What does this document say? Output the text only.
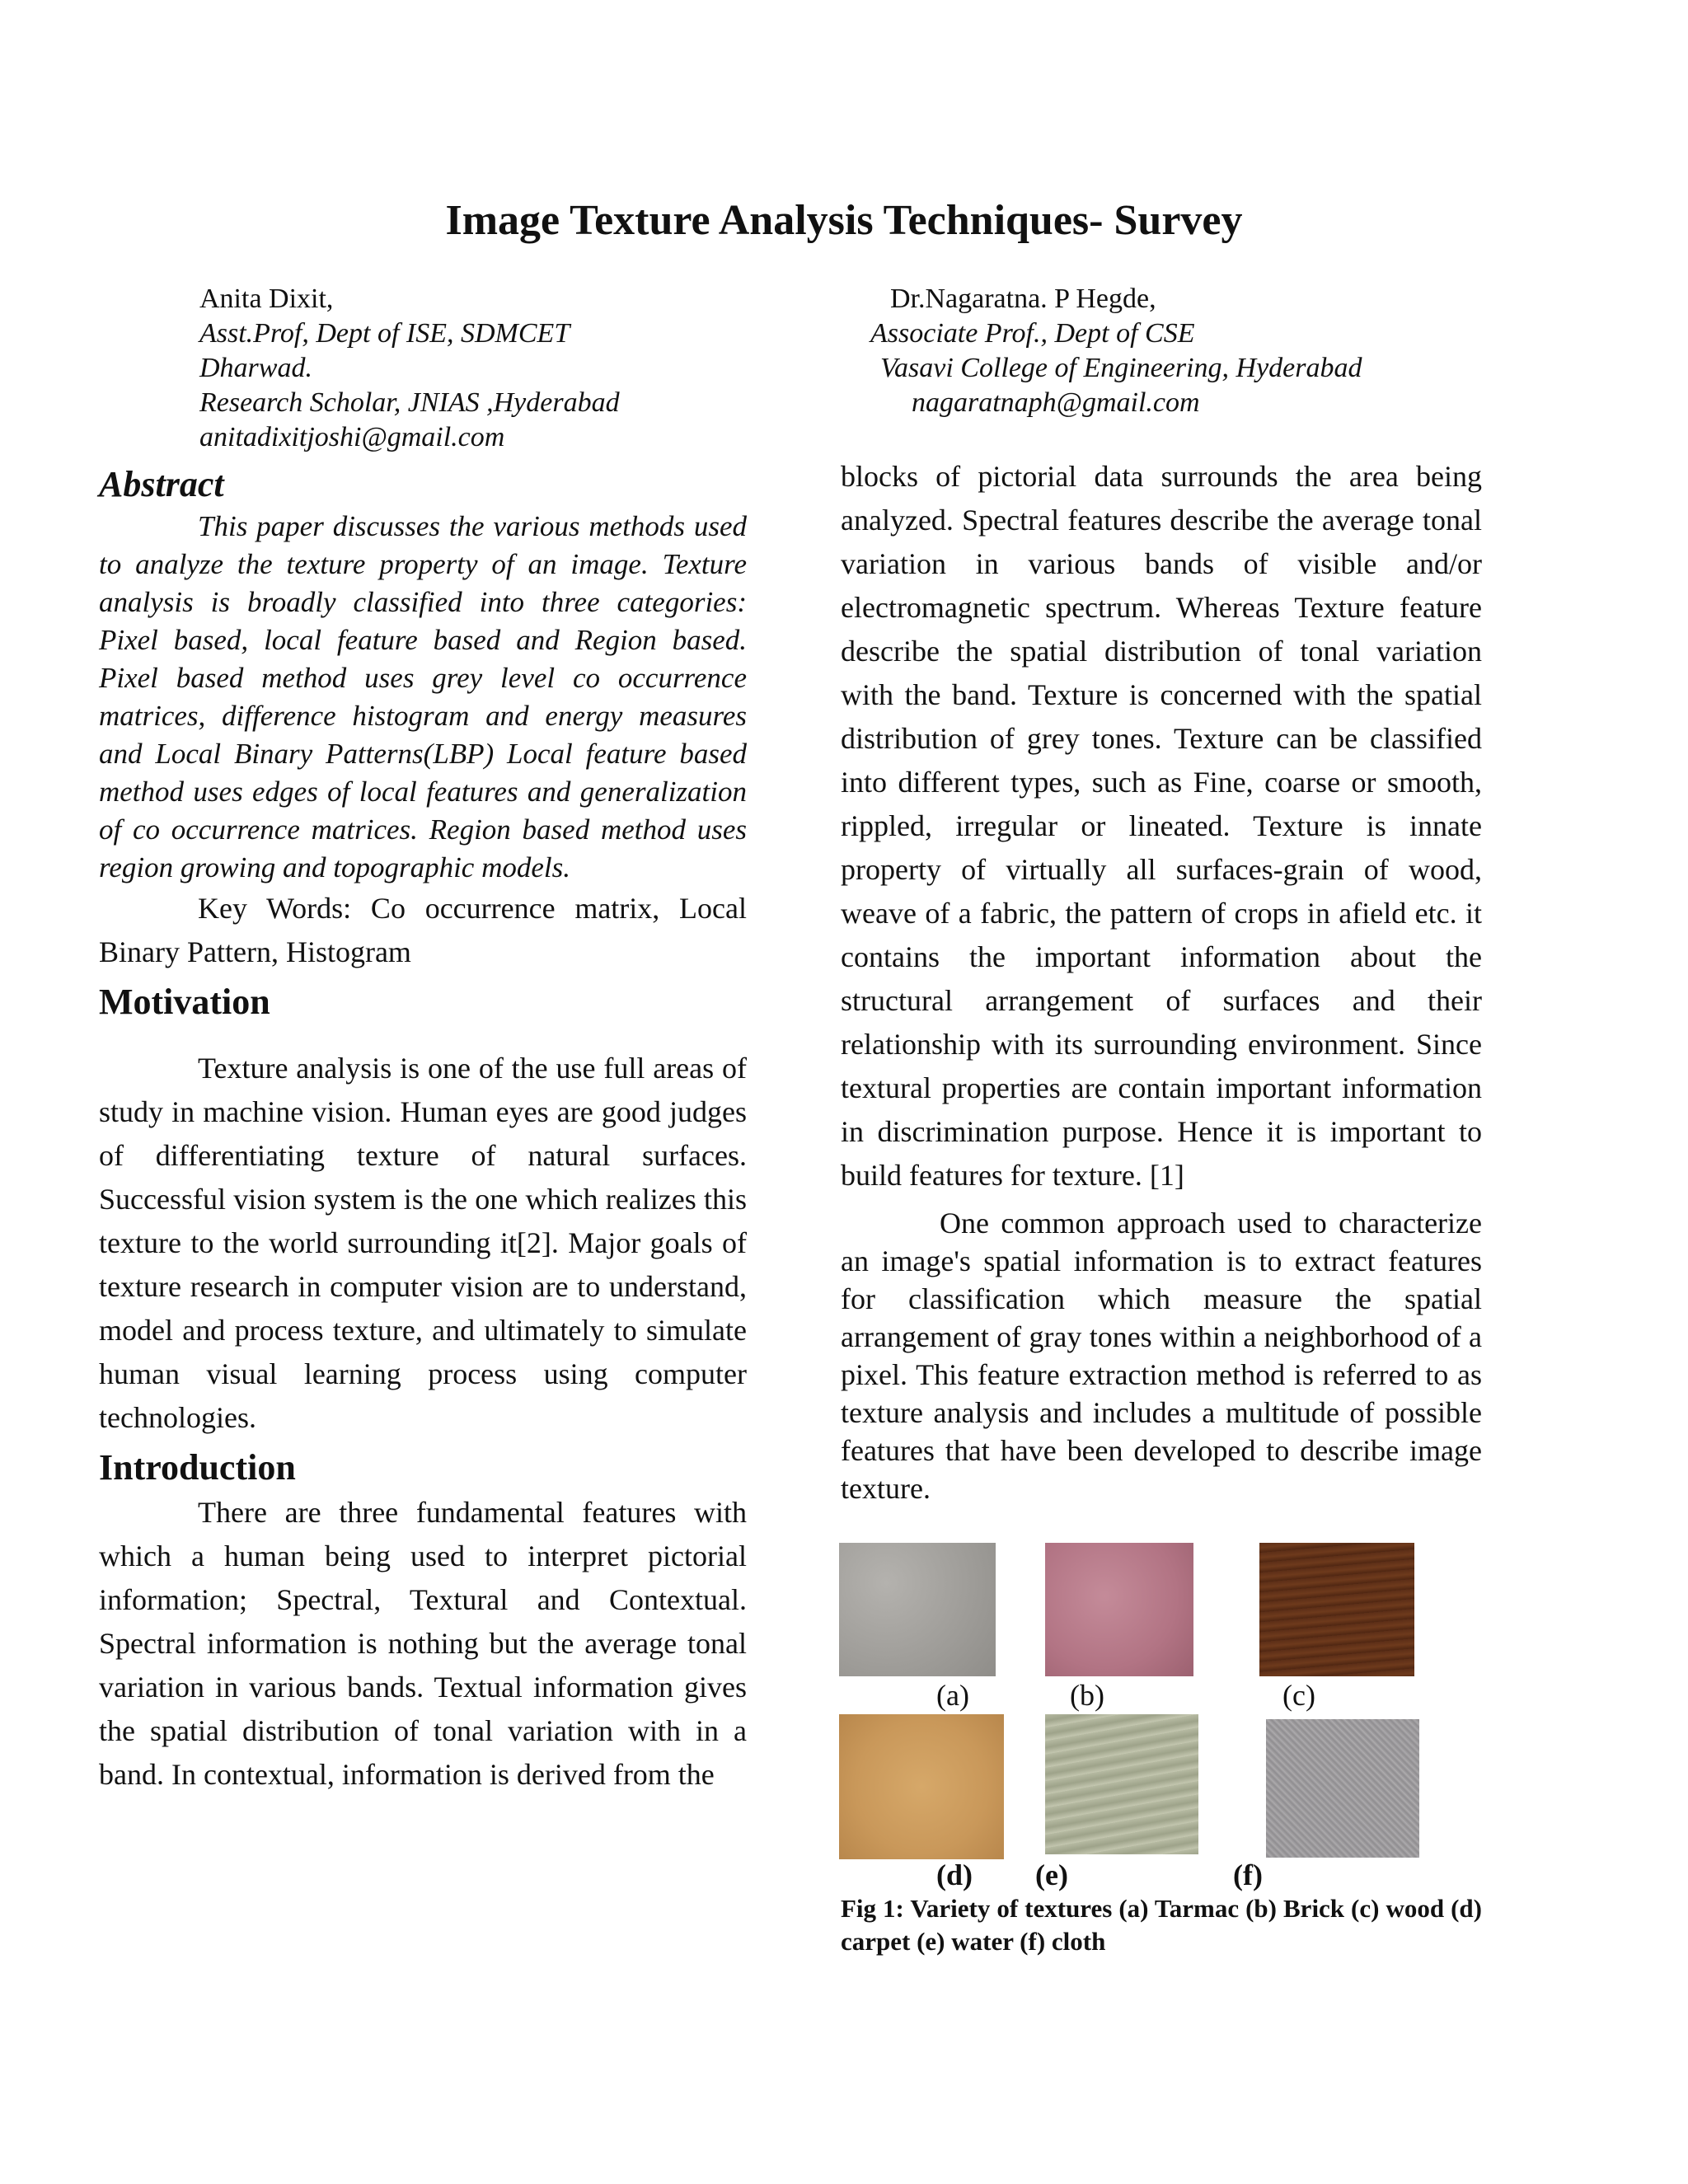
Image Texture Analysis Techniques- Survey
Anita Dixit,
Asst.Prof, Dept of ISE, SDMCET
Dharwad.
Research Scholar, JNIAS ,Hyderabad
anitadixitjoshi@gmail.com
Dr.Nagaratna. P Hegde,
Associate Prof., Dept of CSE
Vasavi College of Engineering, Hyderabad
nagaratnaph@gmail.com
Abstract

This paper discusses the various methods used to analyze the texture property of an image. Texture analysis is broadly classified into three categories: Pixel based, local feature based and Region based. Pixel based method uses grey level co occurrence matrices, difference histogram and energy measures and Local Binary Patterns(LBP) Local feature based method uses edges of local features and generalization of co occurrence matrices. Region based method uses region growing and topographic models.

Key Words: Co occurrence matrix, Local Binary Pattern, Histogram

Motivation

Texture analysis is one of the use full areas of study in machine vision. Human eyes are good judges of differentiating texture of natural surfaces. Successful vision system is the one which realizes this texture to the world surrounding it[2]. Major goals of texture research in computer vision are to understand, model and process texture, and ultimately to simulate human visual learning process using computer technologies.

Introduction

There are three fundamental features with which a human being used to interpret pictorial information; Spectral, Textural and Contextual. Spectral information is nothing but the average tonal variation in various bands. Textual information gives the spatial distribution of tonal variation with in a band. In contextual, information is derived from the

blocks of pictorial data surrounds the area being analyzed. Spectral features describe the average tonal variation in various bands of visible and/or electromagnetic spectrum. Whereas Texture feature describe the spatial distribution of tonal variation with the band. Texture is concerned with the spatial distribution of grey tones. Texture can be classified into different types, such as Fine, coarse or smooth, rippled, irregular or lineated. Texture is innate property of virtually all surfaces-grain of wood, weave of a fabric, the pattern of crops in afield etc. it contains the important information about the structural arrangement of surfaces and their relationship with its surrounding environment. Since textural properties are contain important information in discrimination purpose. Hence it is important to build features for texture. [1]

One common approach used to characterize an image's spatial information is to extract features for classification which measure the spatial arrangement of gray tones within a neighborhood of a pixel. This feature extraction method is referred to as texture analysis and includes a multitude of possible features that have been developed to describe image texture.

(a)	(b)	(c)
(d) (e)	(f)
Fig 1: Variety of textures (a) Tarmac (b) Brick (c) wood (d) carpet (e) water (f) cloth
